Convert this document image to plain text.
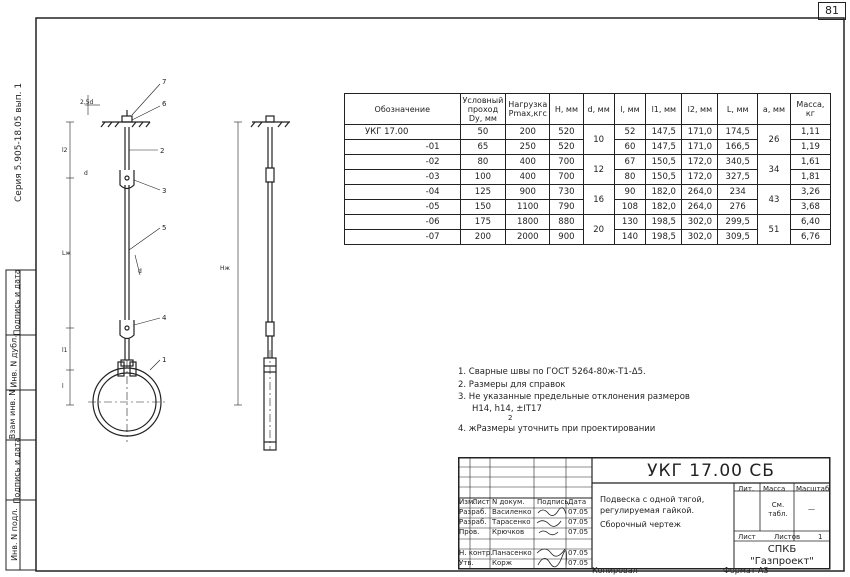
81
Серия 5.905-18.05 вып. 1
Подпись и дата
Инв. N дубл.
Взам инв. N
Подпись и дата
Инв. N подл.
7
6
2
3
5
4
1
2,5d
l2
d
Lж
d
l1
l
Hж
Обозначение	Условный проход Dy, мм	Нагрузка Pmax,кгс	H, мм	d, мм	l, мм	l1, мм	l2, мм	L, мм	a, мм	Масса, кг
УКГ 17.00	50	200	520	10	52	147,5	171,0	174,5	26	1,11
-01	65	250	520		60	147,5	171,0	166,5		1,19
-02	80	400	700	12	67	150,5	172,0	340,5	34	1,61
-03	100	400	700		80	150,5	172,0	327,5		1,81
-04	125	900	730	16	90	182,0	264,0	234	43	3,26
-05	150	1100	790		108	182,0	264,0	276		3,68
-06	175	1800	880	20	130	198,5	302,0	299,5	51	6,40
-07	200	2000	900		140	198,5	302,0	309,5		6,76
1. Сварные швы по ГОСТ 5264-80ж-Т1-Δ5.
2. Размеры для справок
3. Не указанные предельные отклонения размеров
Н14, h14, ±IT17
2
4. жРазмеры уточнить при проектировании
УКГ 17.00 СБ
Изм.
Лист N докум. Подпись Дата
Разраб. Василенко	07.05
Разраб. Тарасенко	07.05
Пров. Крючков	07.05
Н. контр. Панасенко	07.05
Утв.	Корж	07.05
Подвеска с одной тягой,
регулируемая гайкой.
Сборочный чертеж
Лит. Масса Масштаб
См. табл.
—
Лист	Листов	1
СПКБ
"Газпроект"
Копировал	Формат А3
